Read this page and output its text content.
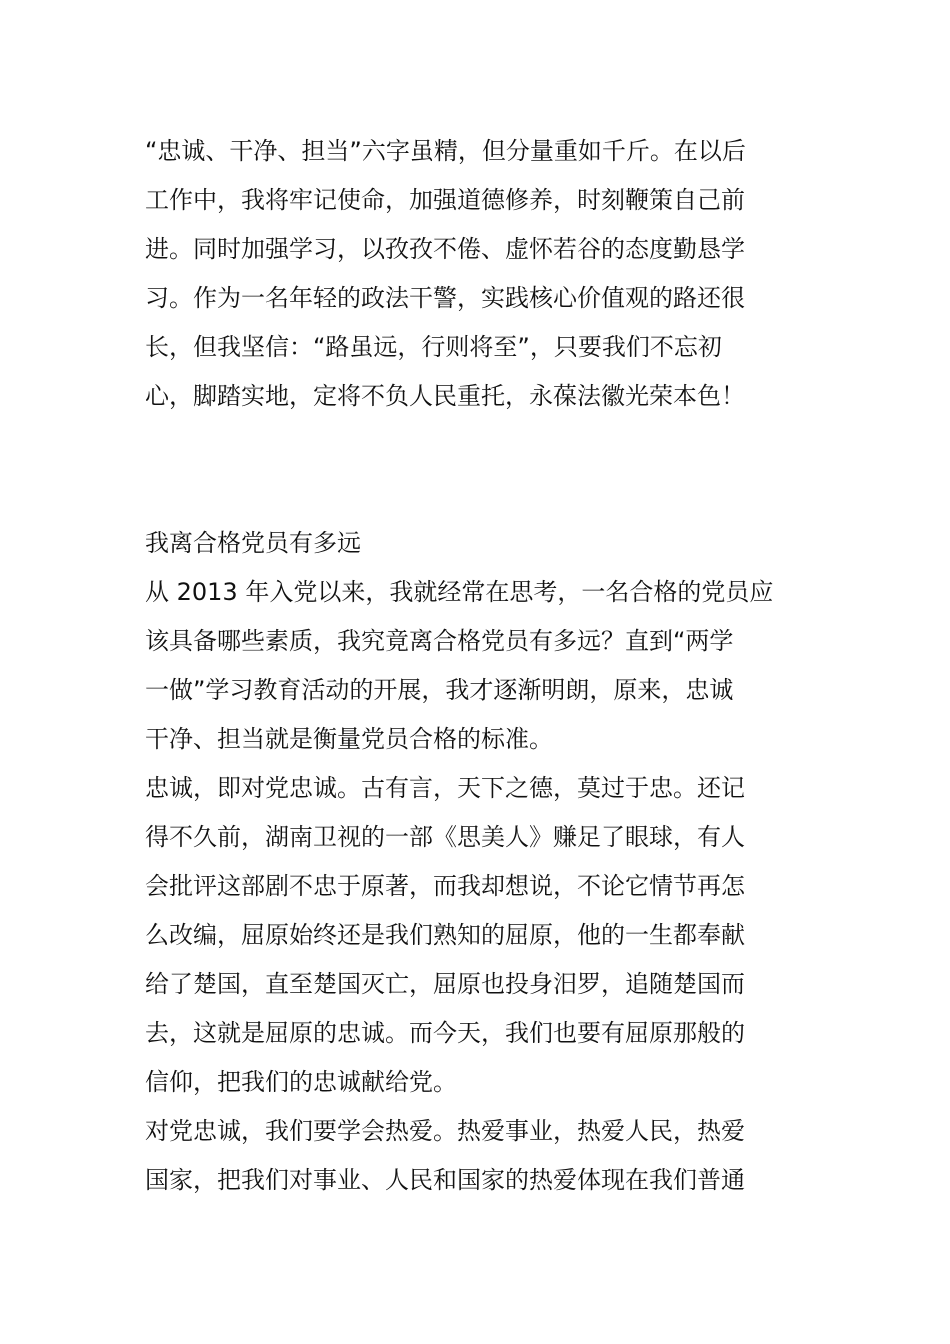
“忠诚、干净、担当”六字虽精，但分量重如千斤。在以后
工作中，我将牢记使命，加强道德修养，时刻鞭策自己前
进。同时加强学习，以孜孜不倦、虚怀若谷的态度勤恳学
习。作为一名年轻的政法干警，实践核心价值观的路还很
长，但我坚信：“路虽远，行则将至”，只要我们不忘初
心，脚踏实地，定将不负人民重托，永葆法徽光荣本色！
我离合格党员有多远
从 2013 年入党以来，我就经常在思考，一名合格的党员应
该具备哪些素质，我究竟离合格党员有多远？直到“两学
一做”学习教育活动的开展，我才逐渐明朗，原来，忠诚
干净、担当就是衡量党员合格的标准。
忠诚，即对党忠诚。古有言，天下之德，莫过于忠。还记
得不久前，湖南卫视的一部《思美人》赚足了眼球，有人
会批评这部剧不忠于原著，而我却想说，不论它情节再怎
么改编，屈原始终还是我们熟知的屈原，他的一生都奉献
给了楚国，直至楚国灭亡，屈原也投身汨罗，追随楚国而
去，这就是屈原的忠诚。而今天，我们也要有屈原那般的
信仰，把我们的忠诚献给党。
对党忠诚，我们要学会热爱。热爱事业，热爱人民，热爱
国家，把我们对事业、人民和国家的热爱体现在我们普通
